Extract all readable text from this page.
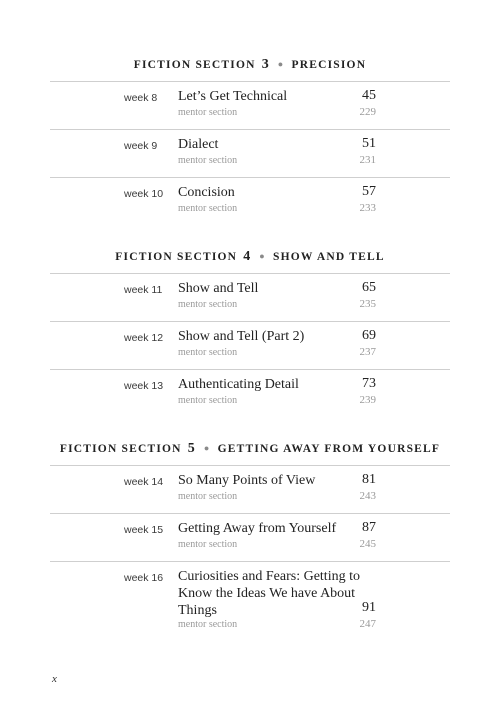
FICTION SECTION 3 ● PRECISION
week 8 Let’s Get Technical	45
mentor section	229
week 9 Dialect	51
mentor section	231
week 10 Concision	57
mentor section	233
FICTION SECTION 4 ● SHOW AND TELL
week 11 Show and Tell	65
mentor section	235
week 12 Show and Tell (Part 2)	69
mentor section	237
week 13 Authenticating Detail	73
mentor section	239
FICTION SECTION 5 ● GETTING AWAY FROM YOURSELF
week 14 So Many Points of View	81
mentor section	243
week 15 Getting Away from Yourself	87
mentor section	245
week 16 Curiosities and Fears: Getting to Know the Ideas We have About Things	91
mentor section	247
x
